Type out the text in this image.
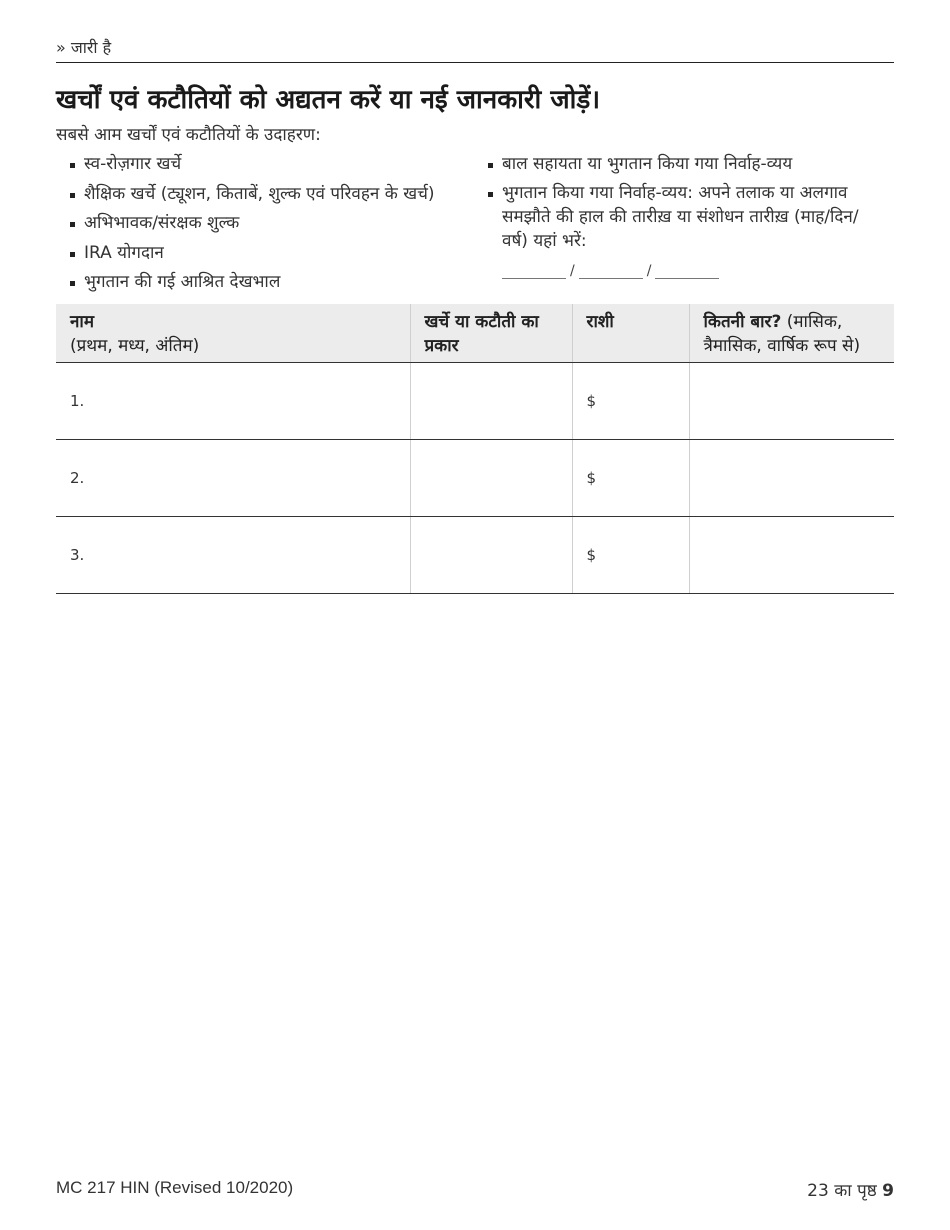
» जारी है
खर्चों एवं कटौतियों को अद्यतन करें या नई जानकारी जोड़ें।
सबसे आम खर्चों एवं कटौतियों के उदाहरण:
स्व-रोज़गार खर्चे
शैक्षिक खर्चे (ट्यूशन, किताबें, शुल्क एवं परिवहन के खर्च)
अभिभावक/संरक्षक शुल्क
IRA योगदान
भुगतान की गई आश्रित देखभाल
बाल सहायता या भुगतान किया गया निर्वाह-व्यय
भुगतान किया गया निर्वाह-व्यय: अपने तलाक या अलगाव समझौते की हाल की तारीख़ या संशोधन तारीख़ (माह/दिन/वर्ष) यहां भरें:
/	/
नाम
(प्रथम, मध्य, अंतिम)	खर्चे या कटौती का प्रकार	राशी	कितनी बार? (मासिक, त्रैमासिक, वार्षिक रूप से)
1.		$	
2.		$	
3.		$	
MC 217 HIN (Revised 10/2020)	23 का पृष्ठ 9
